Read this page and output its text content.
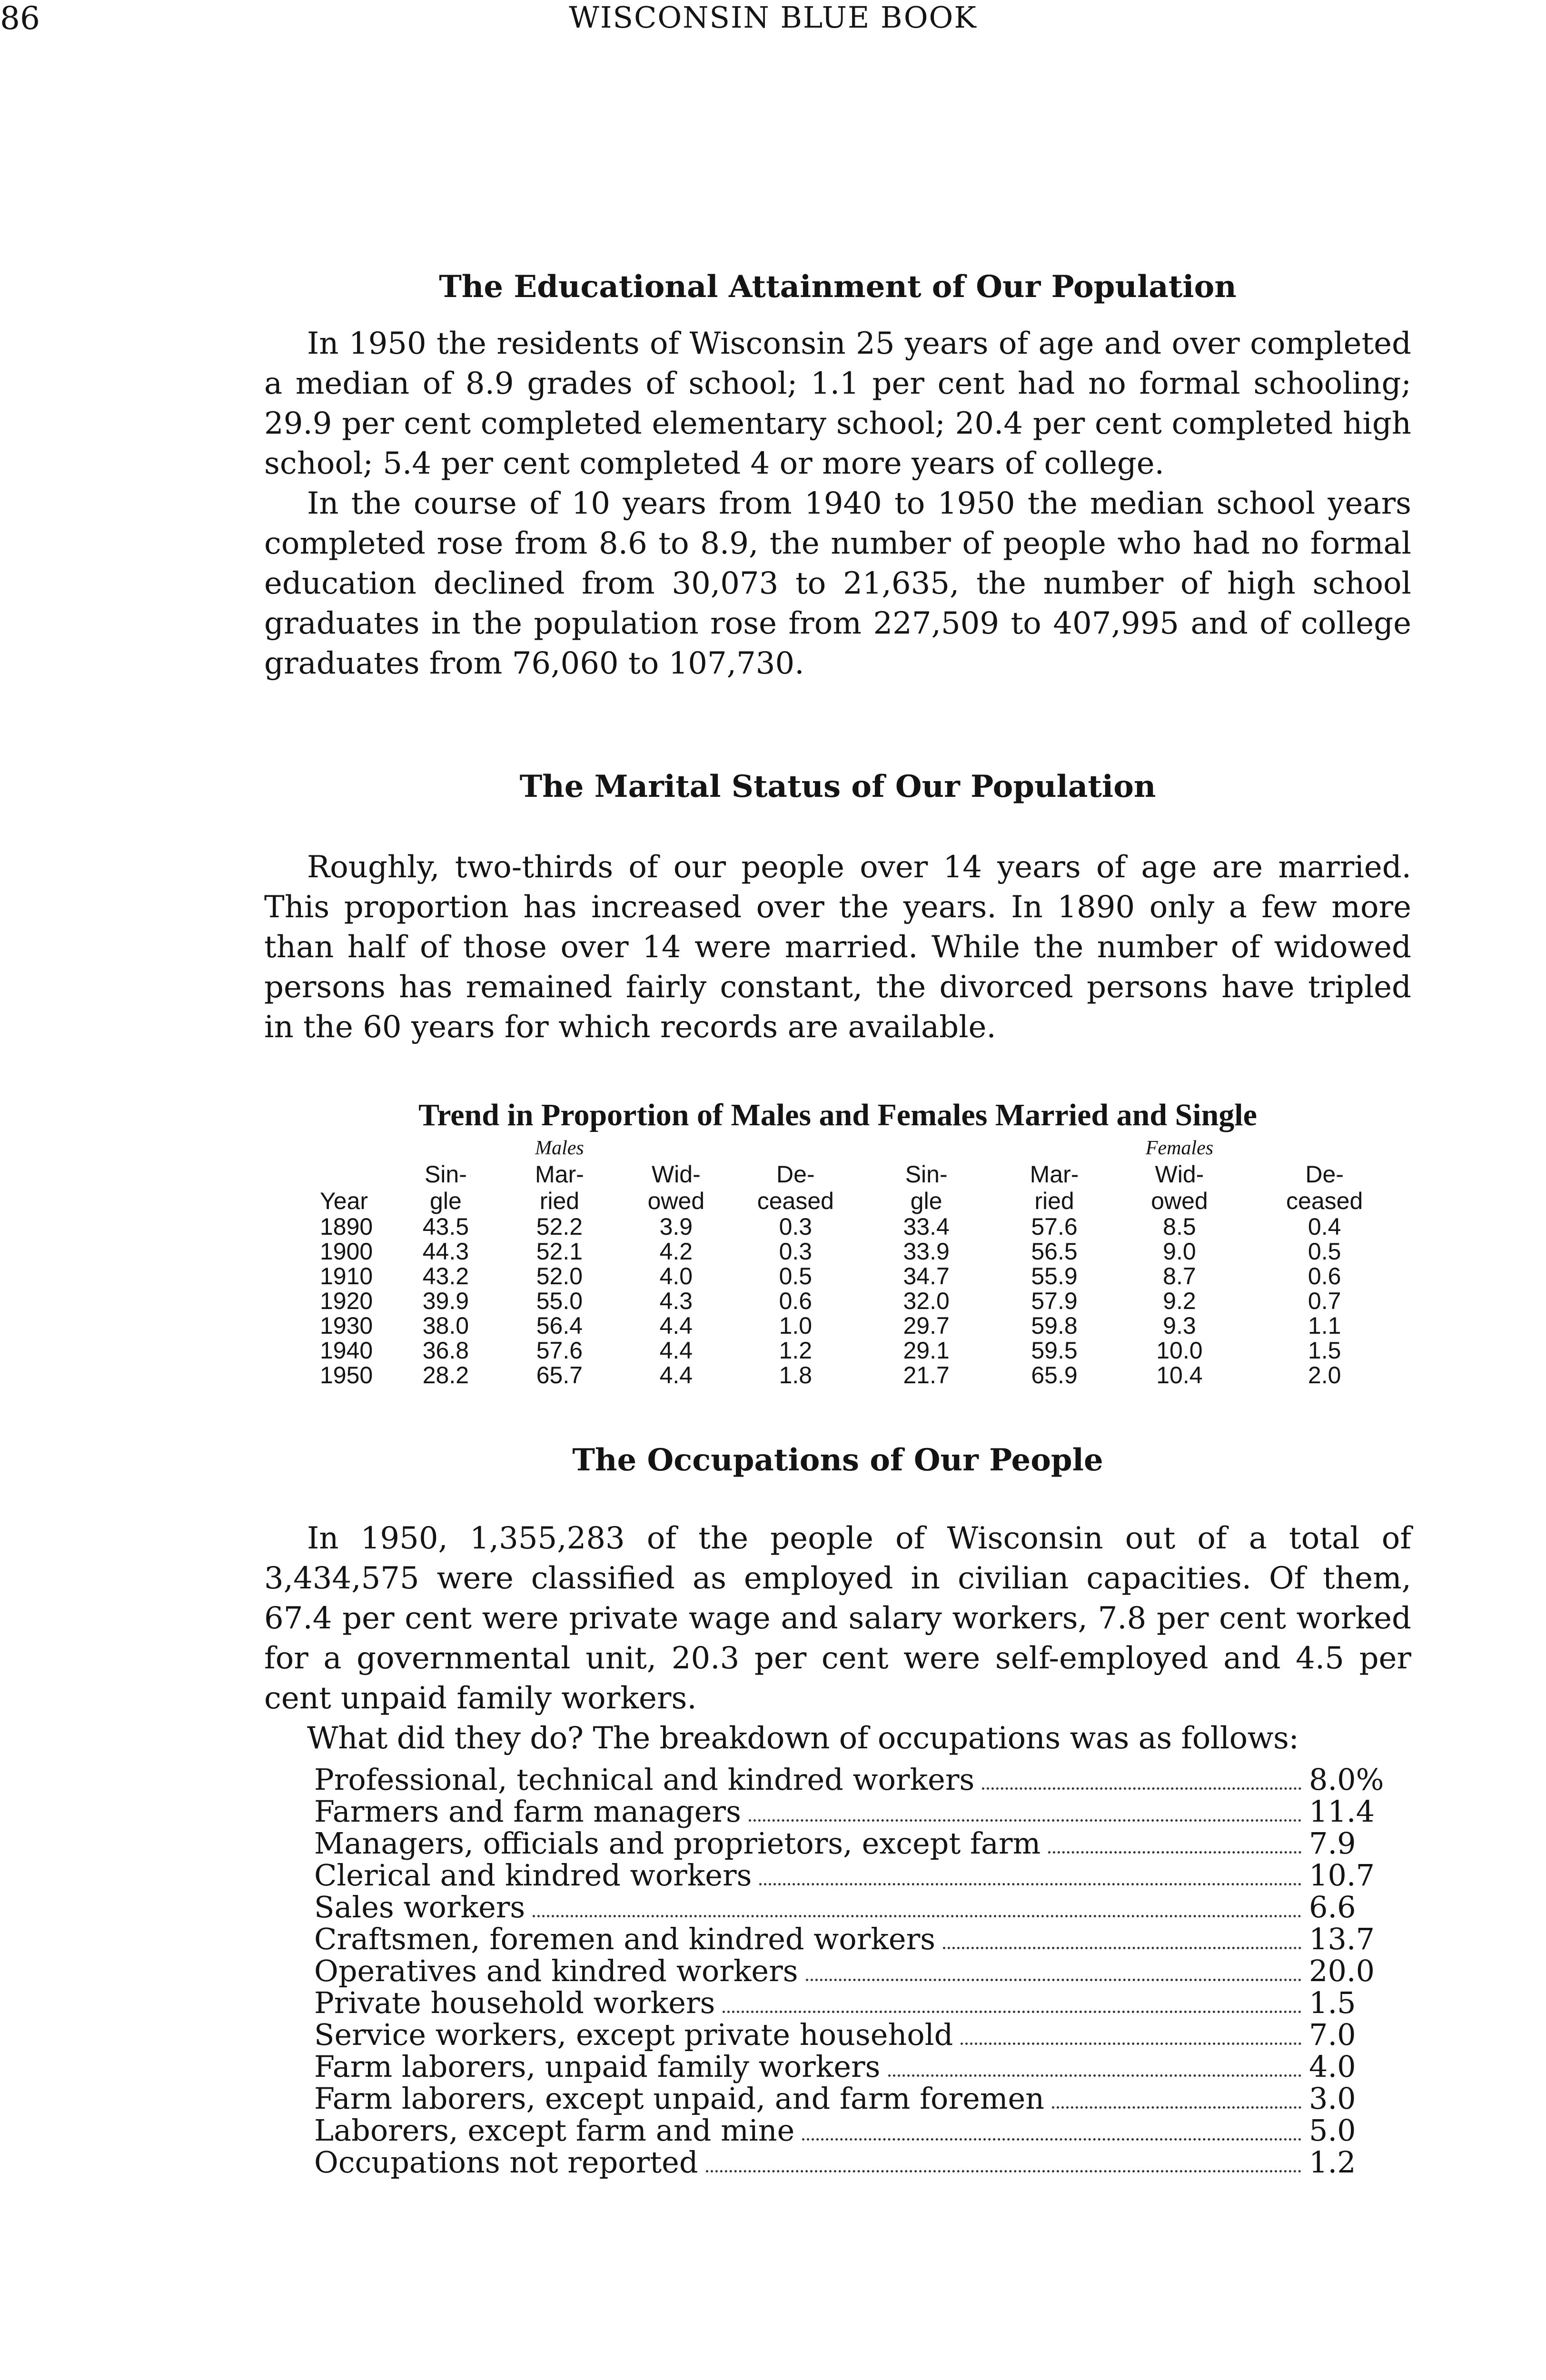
86	WISCONSIN BLUE BOOK
The Educational Attainment of Our Population

In 1950 the residents of Wisconsin 25 years of age and over completed a median of 8.9 grades of school; 1.1 per cent had no formal schooling; 29.9 per cent completed elementary school; 20.4 per cent completed high school; 5.4 per cent completed 4 or more years of college.

In the course of 10 years from 1940 to 1950 the median school years completed rose from 8.6 to 8.9, the number of people who had no formal education declined from 30,073 to 21,635, the number of high school graduates in the population rose from 227,509 to 407,995 and of college graduates from 76,060 to 107,730.

The Marital Status of Our Population

Roughly, two-thirds of our people over 14 years of age are married. This proportion has increased over the years. In 1890 only a few more than half of those over 14 were married. While the number of widowed persons has remained fairly constant, the divorced persons have tripled in the 60 years for which records are available.

Trend in Proportion of Males and Females Married and Single
		Males					Females	
	Sin-	Mar-	Wid-	De-	Sin-	Mar-	Wid-	De-
Year	gle	ried	owed	ceased	gle	ried	owed	ceased
1890	43.5	52.2	3.9	0.3	33.4	57.6	8.5	0.4
1900	44.3	52.1	4.2	0.3	33.9	56.5	9.0	0.5
1910	43.2	52.0	4.0	0.5	34.7	55.9	8.7	0.6
1920	39.9	55.0	4.3	0.6	32.0	57.9	9.2	0.7
1930	38.0	56.4	4.4	1.0	29.7	59.8	9.3	1.1
1940	36.8	57.6	4.4	1.2	29.1	59.5	10.0	1.5
1950	28.2	65.7	4.4	1.8	21.7	65.9	10.4	2.0
The Occupations of Our People

In 1950, 1,355,283 of the people of Wisconsin out of a total of 3,434,575 were classified as employed in civilian capacities. Of them, 67.4 per cent were private wage and salary workers, 7.8 per cent worked for a governmental unit, 20.3 per cent were self-employed and 4.5 per cent unpaid family workers.

What did they do? The breakdown of occupations was as follows:

Professional, technical and kindred workers	8.0%
Farmers and farm managers	11.4
Managers, officials and proprietors, except farm	7.9
Clerical and kindred workers	10.7
Sales workers	6.6
Craftsmen, foremen and kindred workers	13.7
Operatives and kindred workers	20.0
Private household workers	1.5
Service workers, except private household	7.0
Farm laborers, unpaid family workers	4.0
Farm laborers, except unpaid, and farm foremen	3.0
Laborers, except farm and mine	5.0
Occupations not reported	1.2
